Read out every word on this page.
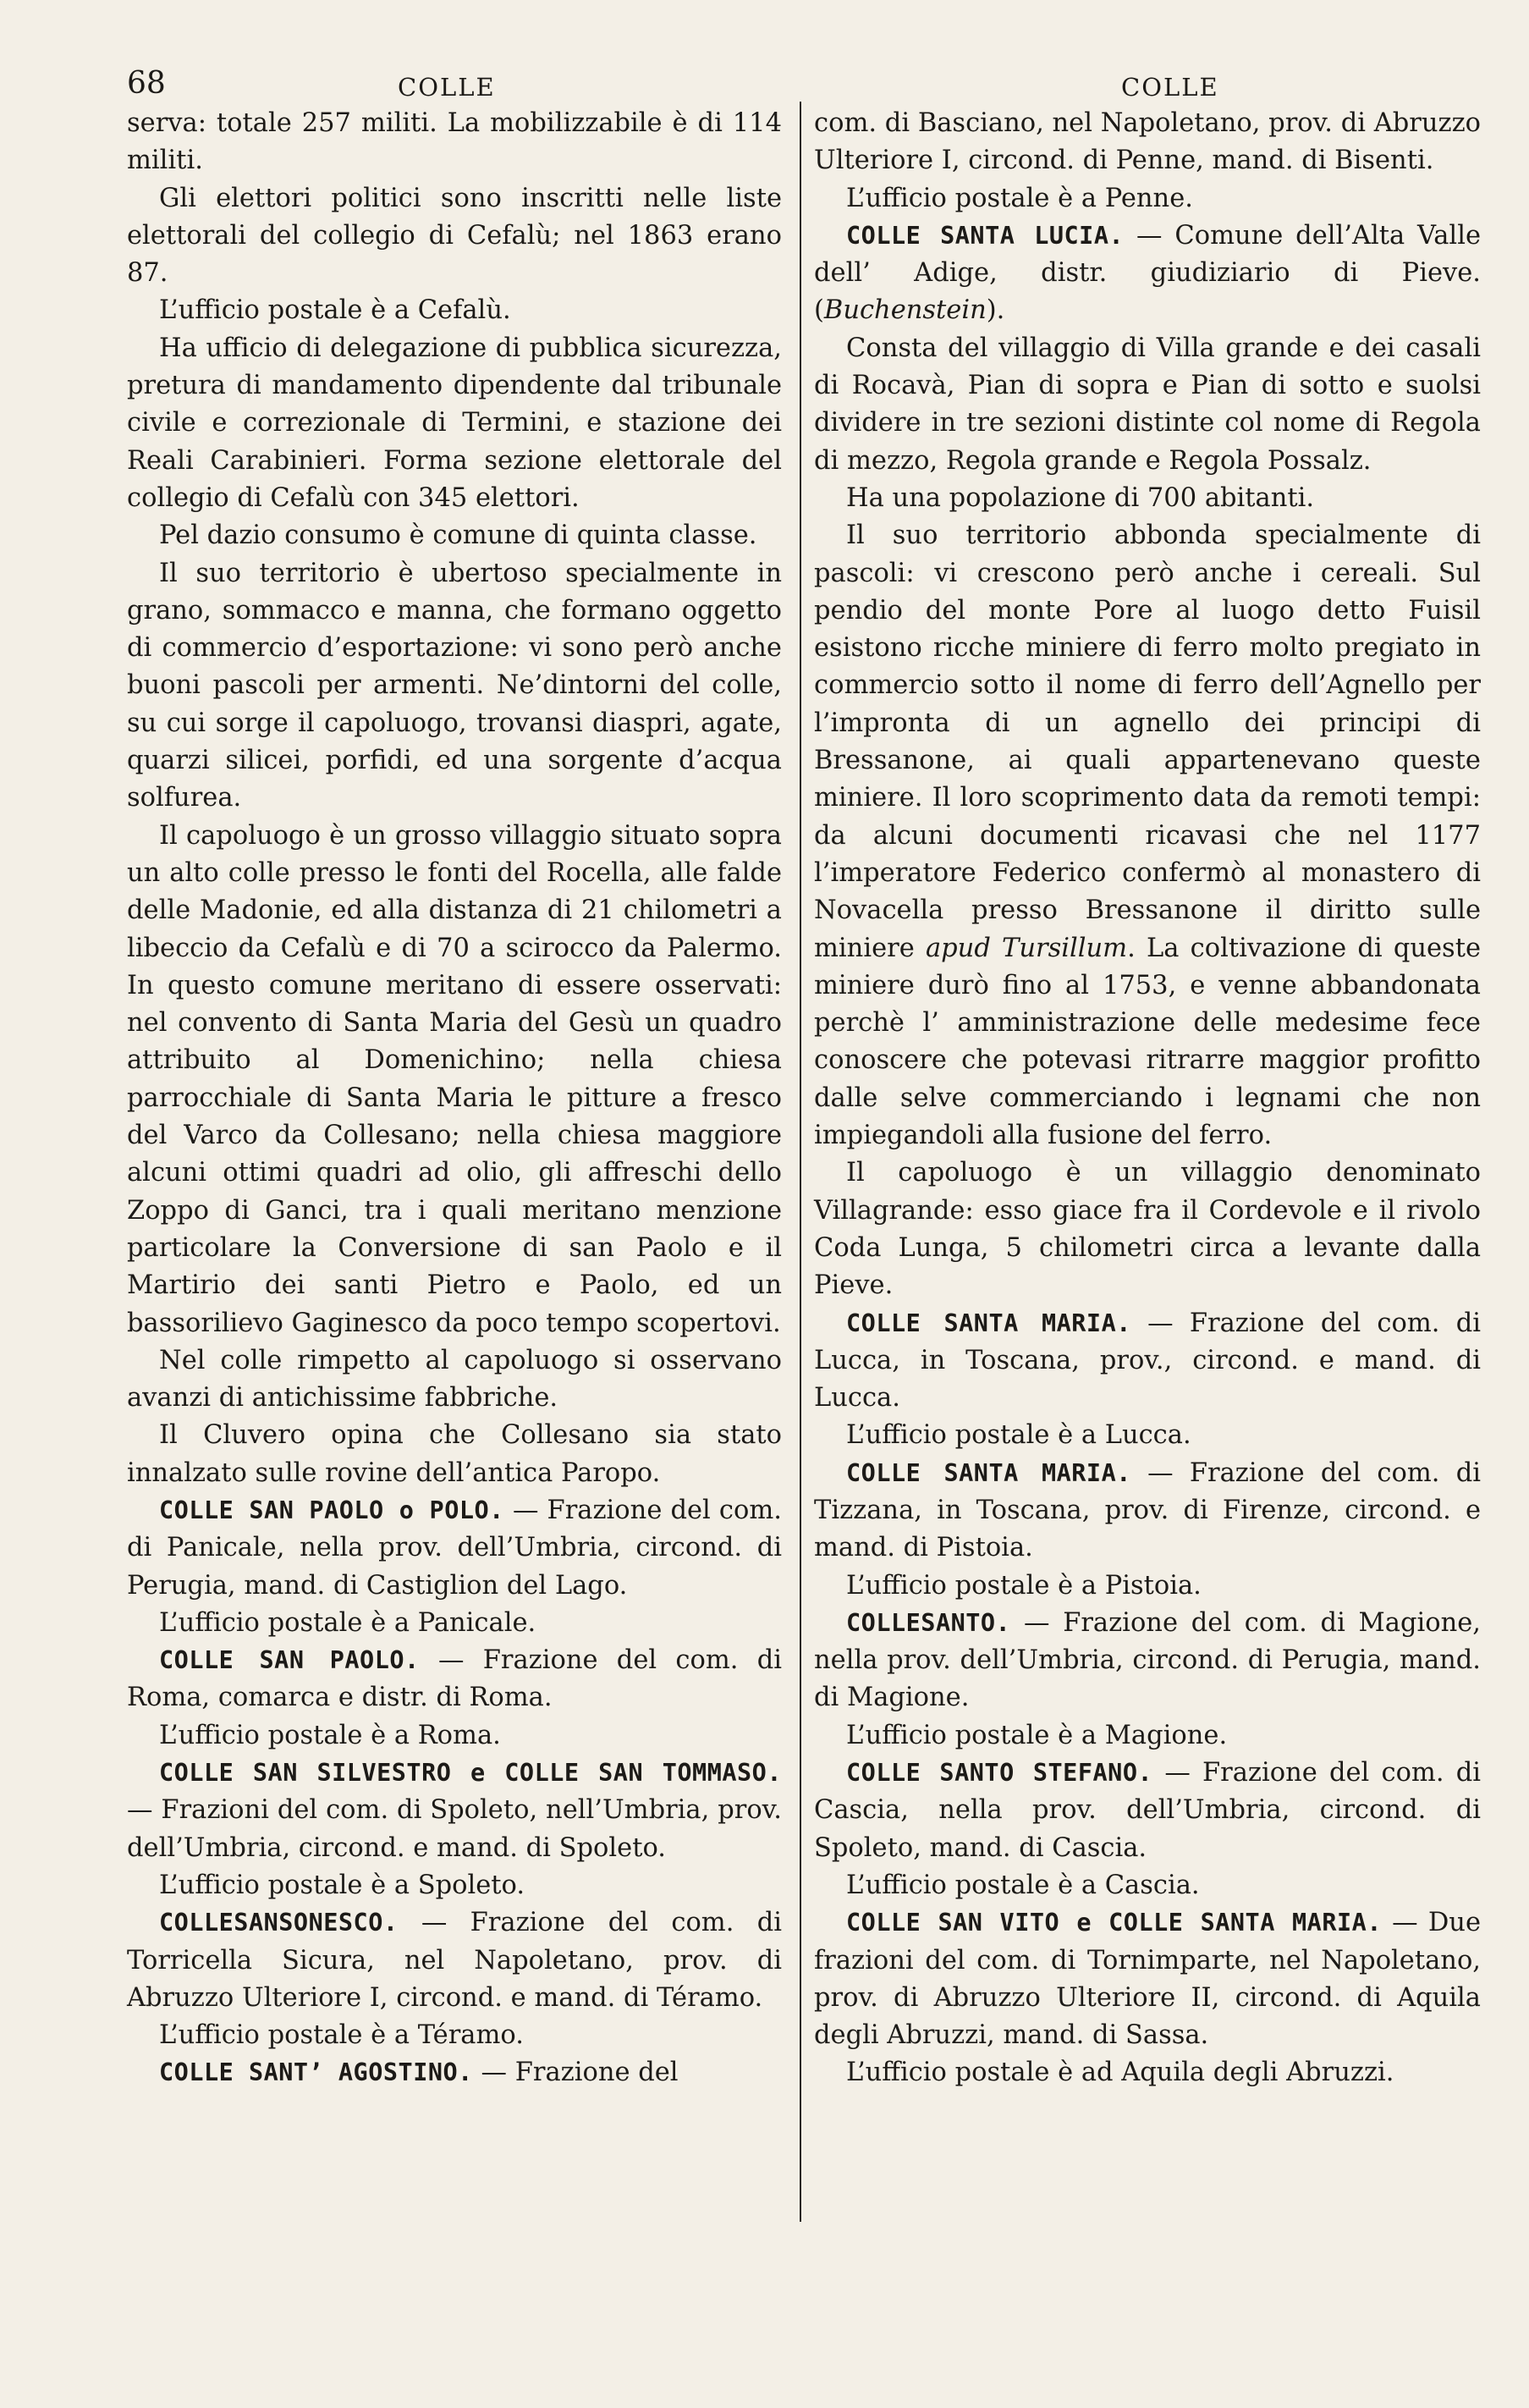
68	COLLE	COLLE

serva: totale 257 militi. La mobilizzabile è di 114 militi.

Gli elettori politici sono inscritti nelle liste elettorali del collegio di Cefalù; nel 1863 erano 87.

L’ufficio postale è a Cefalù.

Ha ufficio di delegazione di pubblica sicurezza, pretura di mandamento dipendente dal tribunale civile e correzionale di Termini, e stazione dei Reali Carabinieri. Forma sezione elettorale del collegio di Cefalù con 345 elettori.

Pel dazio consumo è comune di quinta classe.

Il suo territorio è ubertoso specialmente in grano, sommacco e manna, che formano oggetto di commercio d’esportazione: vi sono però anche buoni pascoli per armenti. Ne’dintorni del colle, su cui sorge il capoluogo, trovansi diaspri, agate, quarzi silicei, porfidi, ed una sorgente d’acqua solfurea.

Il capoluogo è un grosso villaggio situato sopra un alto colle presso le fonti del Rocella, alle falde delle Madonie, ed alla distanza di 21 chilometri a libeccio da Cefalù e di 70 a scirocco da Palermo. In questo comune meritano di essere osservati: nel convento di Santa Maria del Gesù un quadro attribuito al Domenichino; nella chiesa parrocchiale di Santa Maria le pitture a fresco del Varco da Collesano; nella chiesa maggiore alcuni ottimi quadri ad olio, gli affreschi dello Zoppo di Ganci, tra i quali meritano menzione particolare la Conversione di san Paolo e il Martirio dei santi Pietro e Paolo, ed un bassorilievo Gaginesco da poco tempo scopertovi.

Nel colle rimpetto al capoluogo si osservano avanzi di antichissime fabbriche.

Il Cluvero opina che Collesano sia stato innalzato sulle rovine dell’antica Paropo.

COLLE SAN PAOLO o POLO. — Frazione del com. di Panicale, nella prov. dell’Umbria, circond. di Perugia, mand. di Castiglion del Lago.

L’ufficio postale è a Panicale.

COLLE SAN PAOLO. — Frazione del com. di Roma, comarca e distr. di Roma.

L’ufficio postale è a Roma.

COLLE SAN SILVESTRO e COLLE SAN TOMMASO. — Frazioni del com. di Spoleto, nell’Umbria, prov. dell’Umbria, circond. e mand. di Spoleto.

L’ufficio postale è a Spoleto.

COLLESANSONESCO. — Frazione del com. di Torricella Sicura, nel Napoletano, prov. di Abruzzo Ulteriore I, circond. e mand. di Téramo.

L’ufficio postale è a Téramo.

COLLE SANT’ AGOSTINO. — Frazione del

com. di Basciano, nel Napoletano, prov. di Abruzzo Ulteriore I, circond. di Penne, mand. di Bisenti.

L’ufficio postale è a Penne.

COLLE SANTA LUCIA. — Comune dell’Alta Valle dell’ Adige, distr. giudiziario di Pieve. (Buchenstein).

Consta del villaggio di Villa grande e dei casali di Rocavà, Pian di sopra e Pian di sotto e suolsi dividere in tre sezioni distinte col nome di Regola di mezzo, Regola grande e Regola Possalz.

Ha una popolazione di 700 abitanti.

Il suo territorio abbonda specialmente di pascoli: vi crescono però anche i cereali. Sul pendio del monte Pore al luogo detto Fuisil esistono ricche miniere di ferro molto pregiato in commercio sotto il nome di ferro dell’Agnello per l’impronta di un agnello dei principi di Bressanone, ai quali appartenevano queste miniere. Il loro scoprimento data da remoti tempi: da alcuni documenti ricavasi che nel 1177 l’imperatore Federico confermò al monastero di Novacella presso Bressanone il diritto sulle miniere apud Tursillum. La coltivazione di queste miniere durò fino al 1753, e venne abbandonata perchè l’ amministrazione delle medesime fece conoscere che potevasi ritrarre maggior profitto dalle selve commerciando i legnami che non impiegandoli alla fusione del ferro.

Il capoluogo è un villaggio denominato Villagrande: esso giace fra il Cordevole e il rivolo Coda Lunga, 5 chilometri circa a levante dalla Pieve.

COLLE SANTA MARIA. — Frazione del com. di Lucca, in Toscana, prov., circond. e mand. di Lucca.

L’ufficio postale è a Lucca.

COLLE SANTA MARIA. — Frazione del com. di Tizzana, in Toscana, prov. di Firenze, circond. e mand. di Pistoia.

L’ufficio postale è a Pistoia.

COLLESANTO. — Frazione del com. di Magione, nella prov. dell’Umbria, circond. di Perugia, mand. di Magione.

L’ufficio postale è a Magione.

COLLE SANTO STEFANO. — Frazione del com. di Cascia, nella prov. dell’Umbria, circond. di Spoleto, mand. di Cascia.

L’ufficio postale è a Cascia.

COLLE SAN VITO e COLLE SANTA MARIA. — Due frazioni del com. di Tornimparte, nel Napoletano, prov. di Abruzzo Ulteriore II, circond. di Aquila degli Abruzzi, mand. di Sassa.

L’ufficio postale è ad Aquila degli Abruzzi.
